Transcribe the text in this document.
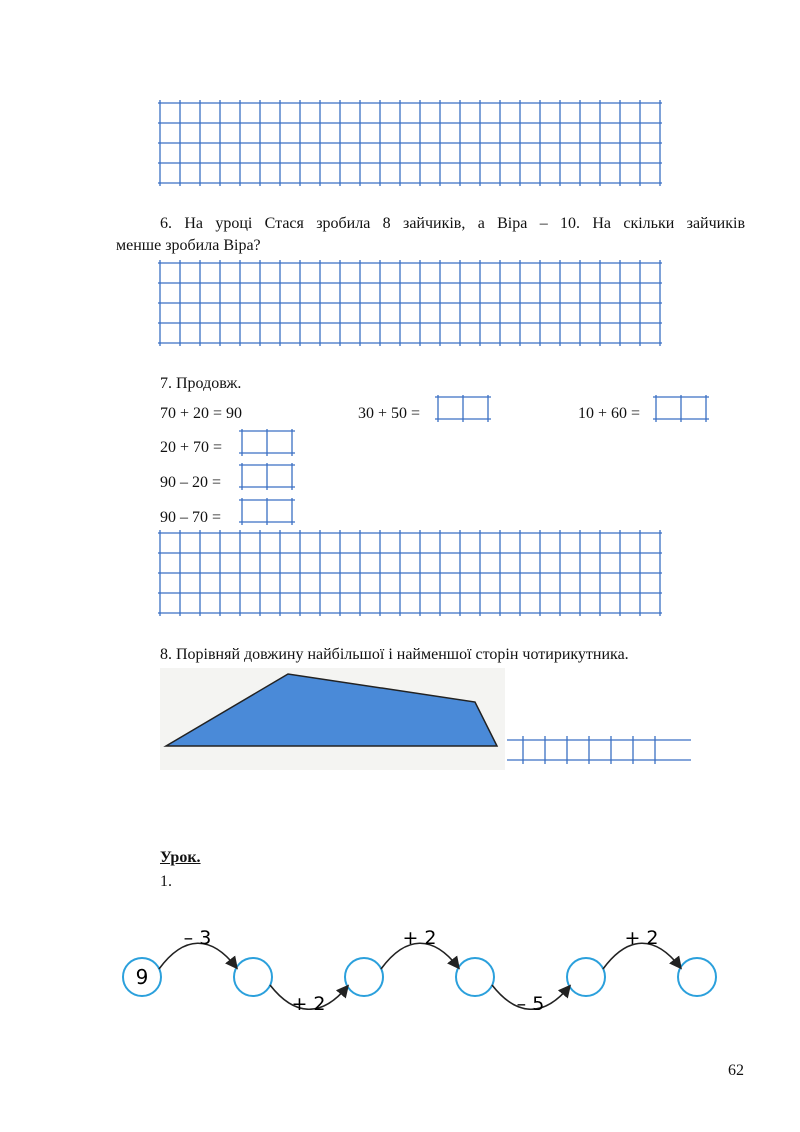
6. На уроці Стася зробила 8 зайчиків, а Віра – 10. На скільки зайчиків
менше зробила Віра?
7. Продовж.
70 + 20 = 90	30 + 50 =	10 + 60 =
20 + 70 =
90 – 20 =
90 – 70 =
8. Порівняй довжину найбільшої і найменшої сторін чотирикутника.
Урок.
1.
9
– 3
+ 2
+ 2
– 5
+ 2
62
